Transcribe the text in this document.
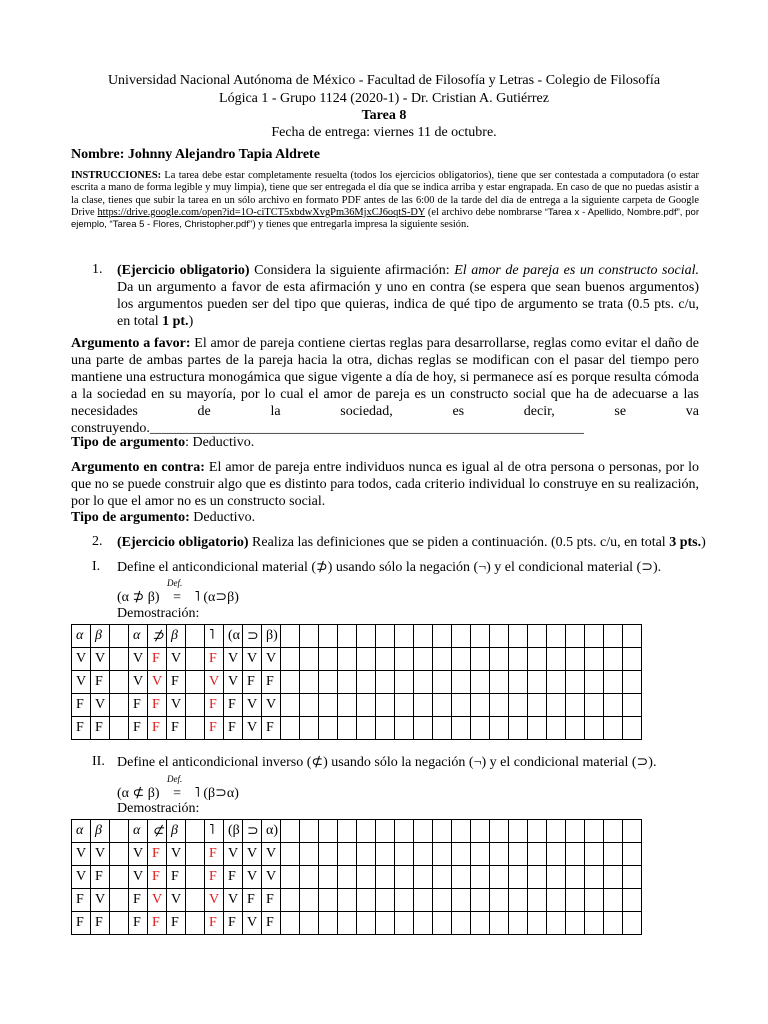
Universidad Nacional Autónoma de México - Facultad de Filosofía y Letras - Colegio de Filosofía
Lógica 1 - Grupo 1124 (2020-1) - Dr. Cristian A. Gutiérrez
Tarea 8
Fecha de entrega: viernes 11 de octubre.
Nombre: Johnny Alejandro Tapia Aldrete
INSTRUCCIONES: La tarea debe estar completamente resuelta (todos los ejercicios obligatorios), tiene que ser contestada a computadora (o estar escrita a mano de forma legible y muy limpia), tiene que ser entregada el día que se indica arriba y estar engrapada. En caso de que no puedas asistir a la clase, tienes que subir la tarea en un sólo archivo en formato PDF antes de las 6:00 de la tarde del día de entrega a la siguiente carpeta de Google Drive https://drive.google.com/open?id=1O-ciTCT5xbdwXvgPm36MjxCJ6oqtS-DY (el archivo debe nombrarse “Tarea x - Apellido, Nombre.pdf”, por ejemplo, “Tarea 5 - Flores, Christopher.pdf”) y tienes que entregarla impresa la siguiente sesión.
1. (Ejercicio obligatorio) Considera la siguiente afirmación: El amor de pareja es un constructo social. Da un argumento a favor de esta afirmación y uno en contra (se espera que sean buenos argumentos) los argumentos pueden ser del tipo que quieras, indica de qué tipo de argumento se trata (0.5 pts. c/u, en total 1 pt.)
Argumento a favor: El amor de pareja contiene ciertas reglas para desarrollarse, reglas como evitar el daño de una parte de ambas partes de la pareja hacia la otra, dichas reglas se modifican con el pasar del tiempo pero mantiene una estructura monogámica que sigue vigente a día de hoy, si permanece así es porque resulta cómoda a la sociedad en su mayoría, por lo cual el amor de pareja es un constructo social que ha de adecuarse a las necesidades de la sociedad, es decir, se va construyendo.______________________________________________________________
Tipo de argumento: Deductivo.
Argumento en contra: El amor de pareja entre individuos nunca es igual al de otra persona o personas, por lo que no se puede construir algo que es distinto para todos, cada criterio individual lo construye en su realización, por lo que el amor no es un constructo social.
Tipo de argumento: Deductivo.
2. (Ejercicio obligatorio) Realiza las definiciones que se piden a continuación. (0.5 pts. c/u, en total 3 pts.)
I. Define el anticondicional material (⊅) usando sólo la negación (¬) y el condicional material (⊃).
(α ⊅ β)
Def.
= ˥ (α⊃β)
Demostración:
α	β		α	⊅	β		˥	(α	⊃	β)																			
V	V		V	F	V		F	V	V	V																			
V	F		V	V	F		V	V	F	F																			
F	V		F	F	V		F	F	V	V																			
F	F		F	F	F		F	F	V	F																			
II. Define el anticondicional inverso (⊄) usando sólo la negación (¬) y el condicional material (⊃).
(α ⊄ β)
Def.
= ˥ (β⊃α)
Demostración:
α	β		α	⊄	β		˥	(β	⊃	α)																			
V	V		V	F	V		F	V	V	V																			
V	F		V	F	F		F	F	V	V																			
F	V		F	V	V		V	V	F	F																			
F	F		F	F	F		F	F	V	F																			
